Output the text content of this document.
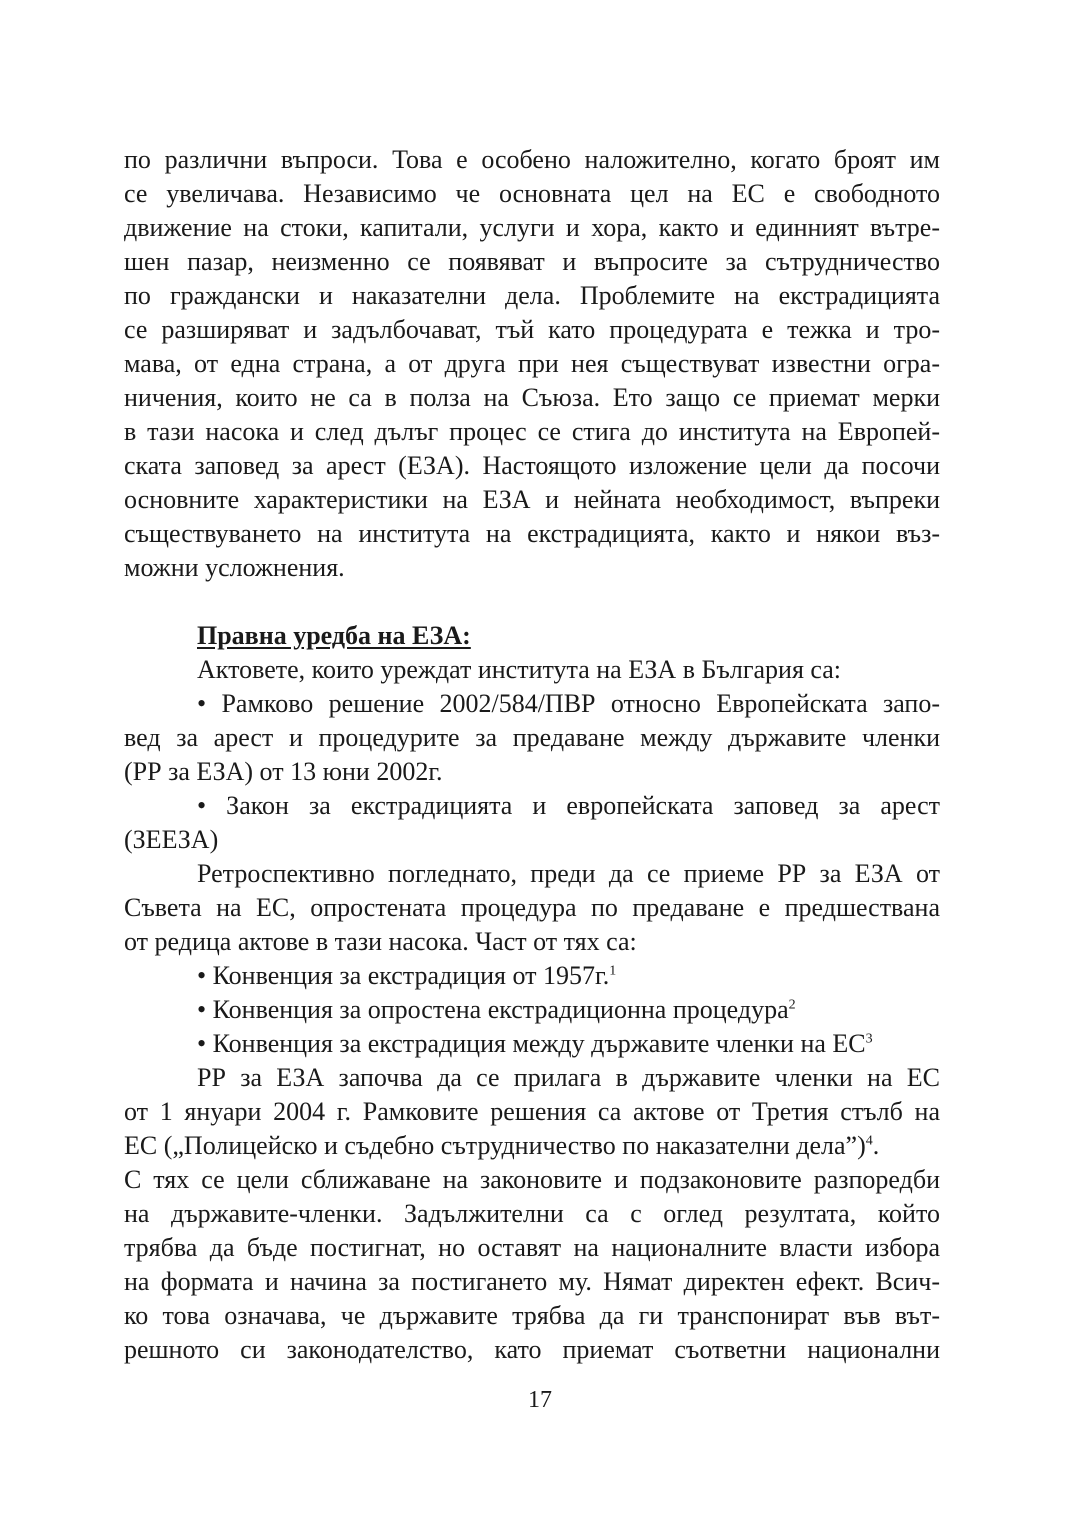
по различни въпроси. Това е особено наложително, когато броят им
се увеличава. Независимо че основната цел на ЕС е свободното
движение на стоки, капитали, услуги и хора, както и единният вътре-
шен пазар, неизменно се появяват и въпросите за сътрудничество
по граждански и наказателни дела. Проблемите на екстрадицията
се разширяват и задълбочават, тъй като процедурата е тежка и тро-
мава, от една страна, а от друга при нея съществуват известни огра-
ничения, които не са в полза на Съюза. Ето защо се приемат мерки
в тази насока и след дълъг процес се стига до института на Европей-
ската заповед за арест (ЕЗА). Настоящото изложение цели да посочи
основните характеристики на ЕЗА и нейната необходимост, въпреки
съществуването на института на екстрадицията, както и някои въз-
можни усложнения.
Правна уредба на ЕЗА:
Актовете, които уреждат института на ЕЗА в България са:
• Рамково решение 2002/584/ПВР относно Европейската запо-
вед за арест и процедурите за предаване между държавите членки
(РР за ЕЗА) от 13 юни 2002г.
• Закон за екстрадицията и европейската заповед за арест
(ЗЕЕЗА)
Ретроспективно погледнато, преди да се приеме РР за ЕЗА от
Съвета на ЕС, опростената процедура по предаване е предшествана
от редица актове в тази насока. Част от тях са:
• Конвенция за екстрадиция от 1957г.$^1$
• Конвенция за опростена екстрадиционна процедура$^2$
• Конвенция за екстрадиция между държавите членки на $ЕС^3$
РР за ЕЗА започва да се прилага в държавите членки на ЕС
от 1 януари 2004 г. Рамковите решения са актове от Третия стълб на
ЕС („Полицейско и съдебно сътрудничество по наказателни дела”)$^4$.
С тях се цели сближаване на законовите и подзаконовите разпоредби
на държавите-членки. Задължителни са с оглед резултата, който
трябва да бъде постигнат, но оставят на националните власти избора
на формата и начина за постигането му. Нямат директен ефект. Всич-
ко това означава, че държавите трябва да ги транспонират във вът-
решното си законодателство, като приемат съответни национални
17
